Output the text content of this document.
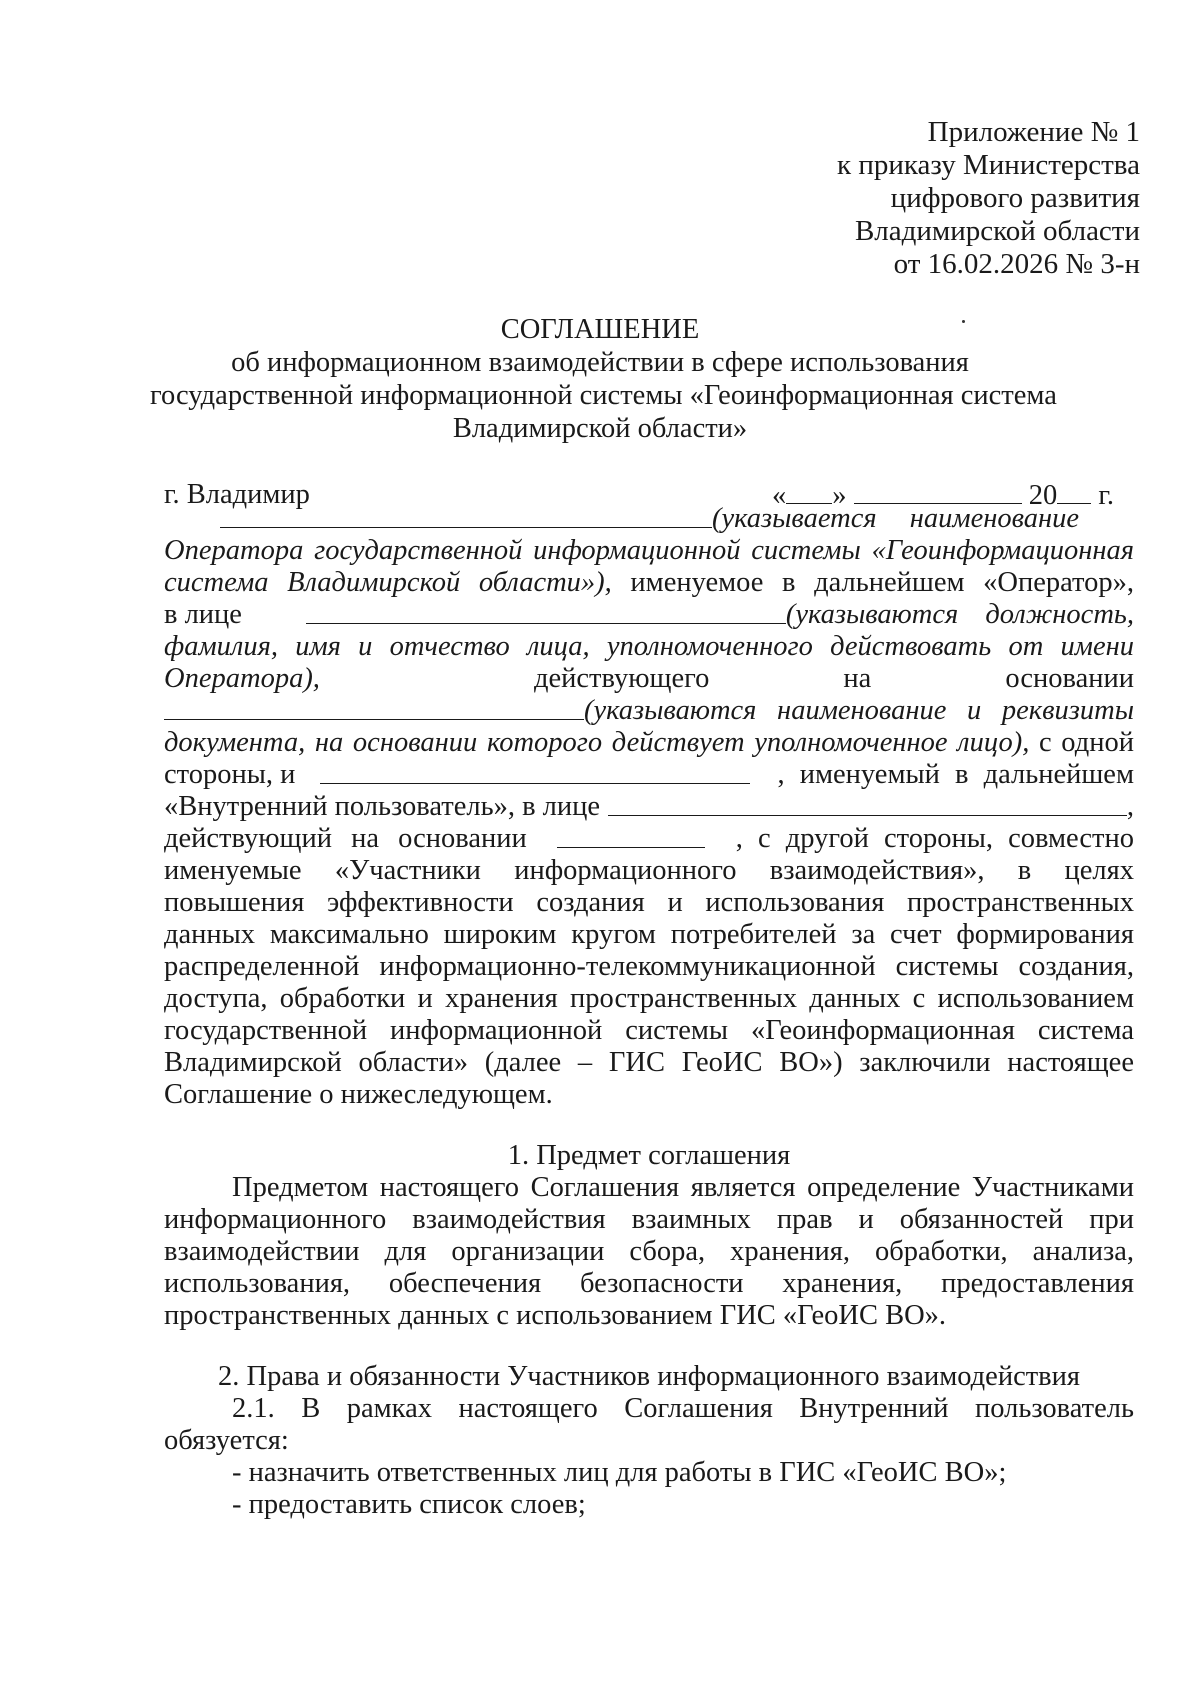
Приложение № 1
к приказу Министерства
цифрового развития
Владимирской области
от 16.02.2026 № 3-н
СОГЛАШЕНИЕ
об информационном взаимодействии в сфере использования
государственной информационной системы «Геоинформационная система
Владимирской области»
г. Владимир	« »	20 г.
(указывается наименование
Оператора государственной информационной системы «Геоинформационная
система Владимирской области»), именуемое в дальнейшем «Оператор»,
в лице	(указываются должность,
фамилия, имя и отчество лица, уполномоченного действовать от имени
Оператора),	действующего	на	основании
(указываются наименование и реквизиты
документа, на основании которого действует уполномоченное лицо), с одной
стороны, и	, именуемый в дальнейшем
«Внутренний пользователь», в лице	,
действующий на основании	, с другой стороны, совместно
именуемые «Участники информационного взаимодействия», в целях
повышения эффективности создания и использования пространственных
данных максимально широким кругом потребителей за счет формирования
распределенной информационно-телекоммуникационной системы создания,
доступа, обработки и хранения пространственных данных с использованием
государственной информационной системы «Геоинформационная система
Владимирской области» (далее – ГИС ГеоИС ВО») заключили настоящее
Соглашение о нижеследующем.
1. Предмет соглашения
Предметом настоящего Соглашения является определение Участниками
информационного взаимодействия взаимных прав и обязанностей при
взаимодействии для организации сбора, хранения, обработки, анализа,
использования, обеспечения безопасности хранения, предоставления
пространственных данных с использованием ГИС «ГеоИС ВО».
2. Права и обязанности Участников информационного взаимодействия
2.1. В рамках настоящего Соглашения Внутренний пользователь
обязуется:
- назначить ответственных лиц для работы в ГИС «ГеоИС ВО»;
- предоставить список слоев;
